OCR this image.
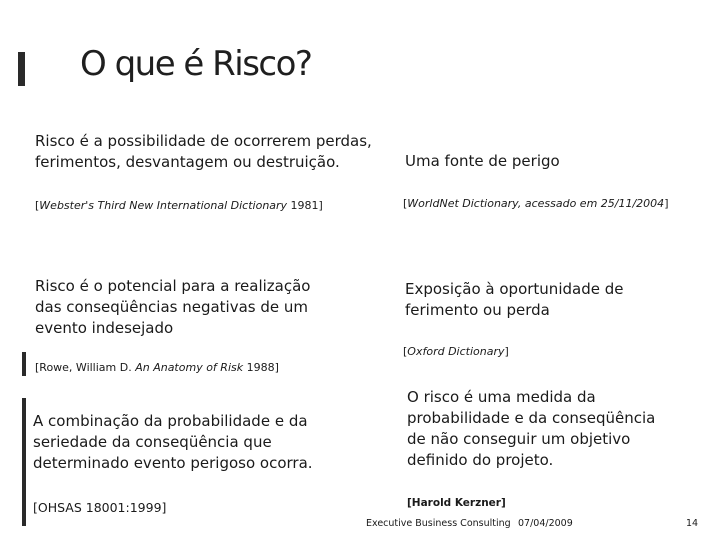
O que é Risco?
Risco é a possibilidade de ocorrerem perdas, ferimentos, desvantagem ou destruição.
[Webster's Third New International Dictionary 1981]
Risco é o potencial para a realização das conseqüências negativas de um evento indesejado
[Rowe, William D. An Anatomy of Risk 1988]
A combinação da probabilidade e da seriedade da conseqüência que determinado evento perigoso ocorra.
[OHSAS 18001:1999]
Uma fonte de perigo
[WorldNet Dictionary, acessado em 25/11/2004]
Exposição à oportunidade de ferimento ou perda
[Oxford Dictionary]
O risco é uma medida da probabilidade e da conseqüência de não conseguir um objetivo definido do projeto.
[Harold Kerzner]
Executive Business Consulting 07/04/2009	14
